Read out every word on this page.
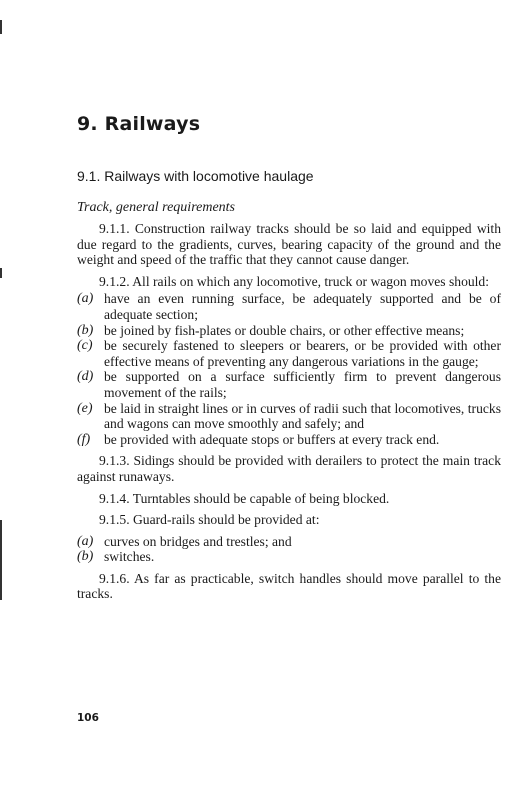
9. Railways
9.1. Railways with locomotive haulage
Track, general requirements

9.1.1. Construction railway tracks should be so laid and equipped with due regard to the gradients, curves, bearing capacity of the ground and the weight and speed of the traffic that they cannot cause danger.

9.1.2. All rails on which any locomotive, truck or wagon moves should:

(a) have an even running surface, be adequately supported and be of adequate section;
(b) be joined by fish-plates or double chairs, or other effective means;
(c) be securely fastened to sleepers or bearers, or be provided with other effective means of preventing any dangerous variations in the gauge;
(d) be supported on a surface sufficiently firm to prevent dangerous movement of the rails;
(e) be laid in straight lines or in curves of radii such that locomotives, trucks and wagons can move smoothly and safely; and
(f)	be provided with adequate stops or buffers at every track end.

9.1.3. Sidings should be provided with derailers to protect the main track against runaways.

9.1.4. Turntables should be capable of being blocked.

9.1.5. Guard-rails should be provided at:

(a) curves on bridges and trestles; and
(b) switches.

9.1.6. As far as practicable, switch handles should move parallel to the tracks.

106
